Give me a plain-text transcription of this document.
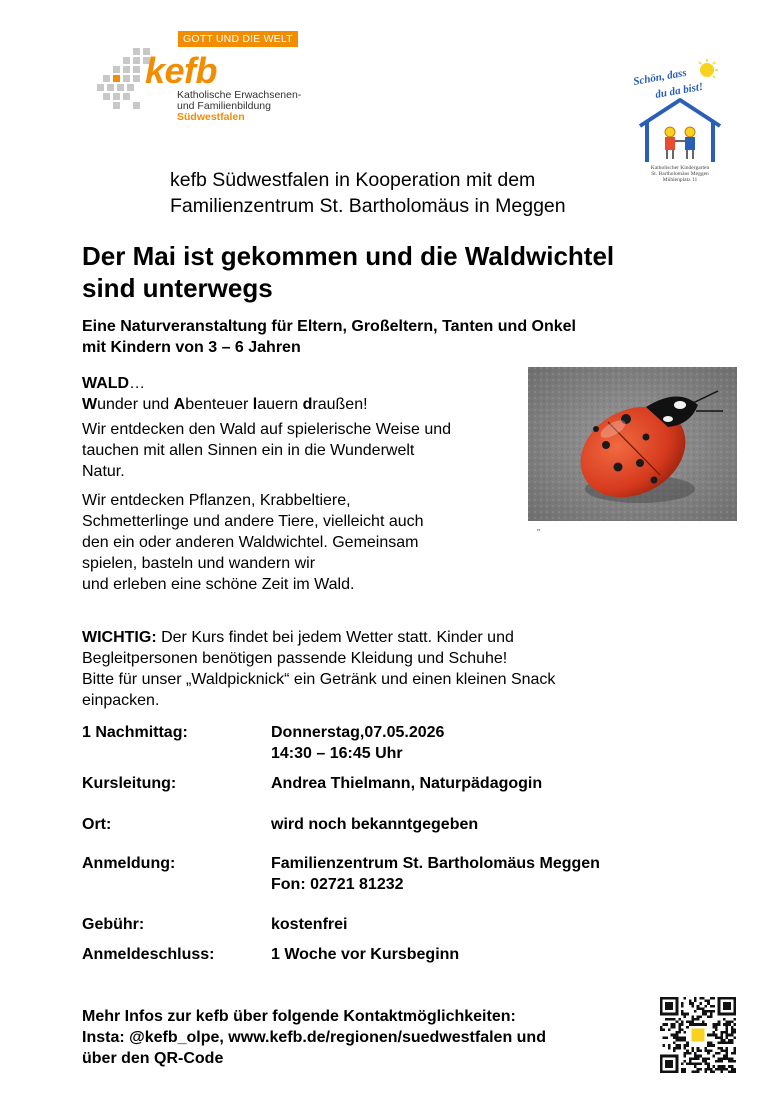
GOTT UND DIE WELT
kefb
Katholische Erwachsenen-
und Familienbildung
Südwestfalen
Schön, dass
du da bist!
Katholischer Kindergarten
St. Bartholomäus Meggen
Mühlenplatz 11
kefb Südwestfalen in Kooperation mit dem
Familienzentrum St. Bartholomäus in Meggen
Der Mai ist gekommen und die Waldwichtel
sind unterwegs
Eine Naturveranstaltung für Eltern, Großeltern, Tanten und Onkel
mit Kindern von 3 – 6 Jahren
WALD…
Wunder und Abenteuer lauern draußen!
Wir entdecken den Wald auf spielerische Weise und
tauchen mit allen Sinnen ein in die Wunderwelt
Natur.
Wir entdecken Pflanzen, Krabbeltiere,
Schmetterlinge und andere Tiere, vielleicht auch
den ein oder anderen Waldwichtel. Gemeinsam
spielen, basteln und wandern wir
und erleben eine schöne Zeit im Wald.
„
WICHTIG: Der Kurs findet bei jedem Wetter statt. Kinder und
Begleitpersonen benötigen passende Kleidung und Schuhe!
Bitte für unser „Waldpicknick“ ein Getränk und einen kleinen Snack
einpacken.
1 Nachmittag:	Donnerstag,07.05.2026
14:30 – 16:45 Uhr
Kursleitung:	Andrea Thielmann, Naturpädagogin
Ort:	wird noch bekanntgegeben
Anmeldung:	Familienzentrum St. Bartholomäus Meggen
Fon: 02721 81232
Gebühr:	kostenfrei
Anmeldeschluss:	1 Woche vor Kursbeginn
Mehr Infos zur kefb über folgende Kontaktmöglichkeiten:
Insta: @kefb_olpe, www.kefb.de/regionen/suedwestfalen und
über den QR-Code
